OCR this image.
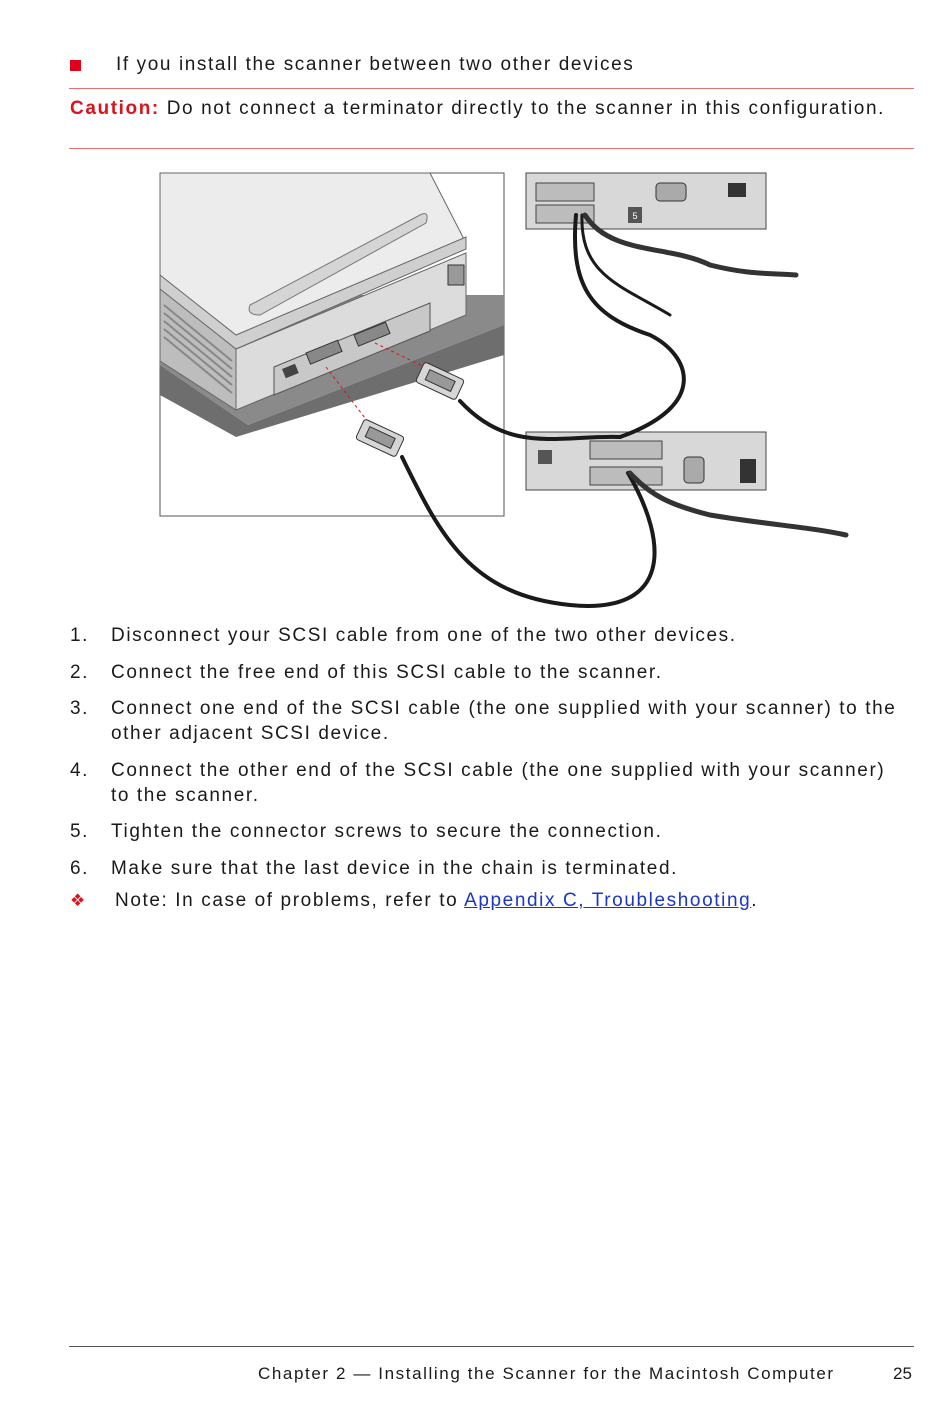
If you install the scanner between two other devices
Caution: Do not connect a terminator directly to the scanner in this configuration.
5
1. Disconnect your SCSI cable from one of the two other devices.
2. Connect the free end of this SCSI cable to the scanner.
3. Connect one end of the SCSI cable (the one supplied with your scanner) to the other adjacent SCSI device.
4. Connect the other end of the SCSI cable (the one supplied with your scanner) to the scanner.
5. Tighten the connector screws to secure the connection.
6. Make sure that the last device in the chain is terminated.
❖ Note: In case of problems, refer to Appendix C, Troubleshooting.
Chapter 2 — Installing the Scanner for the Macintosh Computer	25
